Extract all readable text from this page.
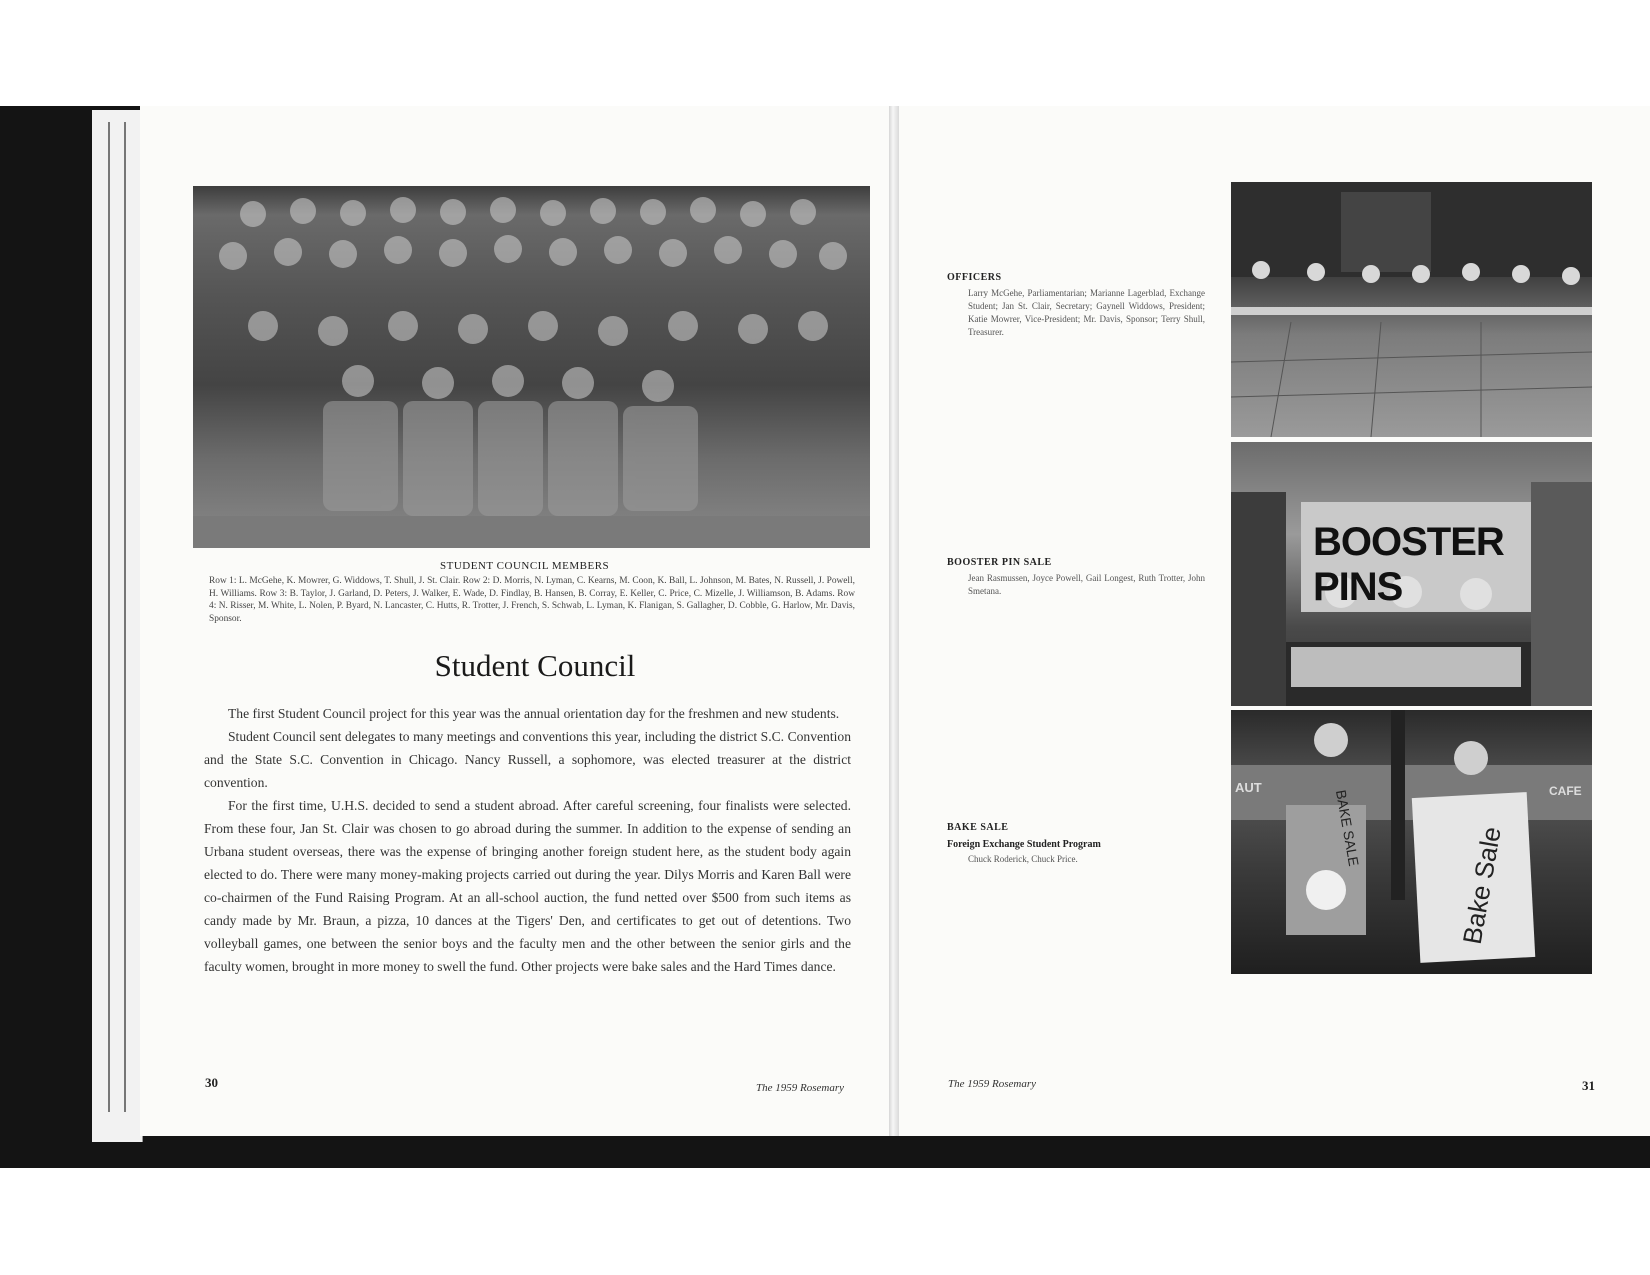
STUDENT COUNCIL MEMBERS
Row 1: L. McGehe, K. Mowrer, G. Widdows, T. Shull, J. St. Clair. Row 2: D. Morris, N. Lyman, C. Kearns, M. Coon, K. Ball, L. Johnson, M. Bates, N. Russell, J. Powell, H. Williams. Row 3: B. Taylor, J. Garland, D. Peters, J. Walker, E. Wade, D. Findlay, B. Hansen, B. Corray, E. Keller, C. Price, C. Mizelle, J. Williamson, B. Adams. Row 4: N. Risser, M. White, L. Nolen, P. Byard, N. Lancaster, C. Hutts, R. Trotter, J. French, S. Schwab, L. Lyman, K. Flanigan, S. Gallagher, D. Cobble, G. Harlow, Mr. Davis, Sponsor.
Student Council

The first Student Council project for this year was the annual orientation day for the freshmen and new students.

Student Council sent delegates to many meetings and conventions this year, including the district S.C. Convention and the State S.C. Convention in Chicago. Nancy Russell, a sophomore, was elected treasurer at the district convention.

For the first time, U.H.S. decided to send a student abroad. After careful screening, four finalists were selected. From these four, Jan St. Clair was chosen to go abroad during the summer. In addition to the expense of sending an Urbana student overseas, there was the expense of bringing another foreign student here, as the student body again elected to do. There were many money-making projects carried out during the year. Dilys Morris and Karen Ball were co-chairmen of the Fund Raising Program. At an all-school auction, the fund netted over $500 from such items as candy made by Mr. Braun, a pizza, 10 dances at the Tigers' Den, and certificates to get out of detentions. Two volleyball games, one between the senior boys and the faculty men and the other between the senior girls and the faculty women, brought in more money to swell the fund. Other projects were bake sales and the Hard Times dance.

30	The 1959 Rosemary
OFFICERS
Larry McGehe, Parliamentarian; Marianne Lagerblad, Exchange Student; Jan St. Clair, Secretary; Gaynell Widdows, President; Katie Mowrer, Vice-President; Mr. Davis, Sponsor; Terry Shull, Treasurer.
BOOSTER PIN SALE
Jean Rasmussen, Joyce Powell, Gail Longest, Ruth Trotter, John Smetana.
BAKE SALE
Foreign Exchange Student Program
Chuck Roderick, Chuck Price.
BOOSTER PINS
BAKE SALE	Bake Sale
AUT	CAFE
The 1959 Rosemary	31
